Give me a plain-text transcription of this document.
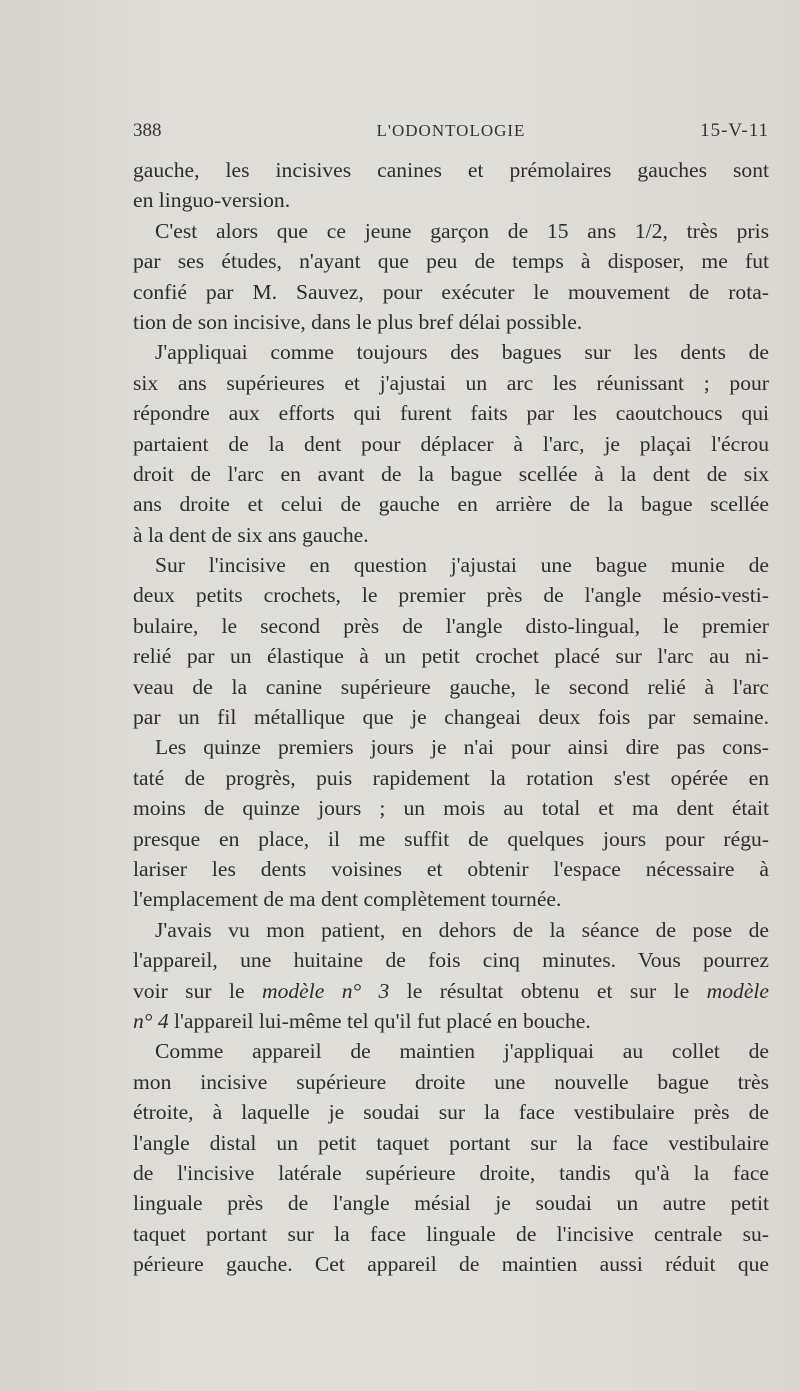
388	L'ODONTOLOGIE	15-V-11
gauche, les incisives canines et prémolaires gauches sont
en linguo-version.
C'est alors que ce jeune garçon de 15 ans 1/2, très pris
par ses études, n'ayant que peu de temps à disposer, me fut
confié par M. Sauvez, pour exécuter le mouvement de rota-
tion de son incisive, dans le plus bref délai possible.
J'appliquai comme toujours des bagues sur les dents de
six ans supérieures et j'ajustai un arc les réunissant ; pour
répondre aux efforts qui furent faits par les caoutchoucs qui
partaient de la dent pour déplacer à l'arc, je plaçai l'écrou
droit de l'arc en avant de la bague scellée à la dent de six
ans droite et celui de gauche en arrière de la bague scellée
à la dent de six ans gauche.
Sur l'incisive en question j'ajustai une bague munie de
deux petits crochets, le premier près de l'angle mésio-vesti-
bulaire, le second près de l'angle disto-lingual, le premier
relié par un élastique à un petit crochet placé sur l'arc au ni-
veau de la canine supérieure gauche, le second relié à l'arc
par un fil métallique que je changeai deux fois par semaine.
Les quinze premiers jours je n'ai pour ainsi dire pas cons-
taté de progrès, puis rapidement la rotation s'est opérée en
moins de quinze jours ; un mois au total et ma dent était
presque en place, il me suffit de quelques jours pour régu-
lariser les dents voisines et obtenir l'espace nécessaire à
l'emplacement de ma dent complètement tournée.
J'avais vu mon patient, en dehors de la séance de pose de
l'appareil, une huitaine de fois cinq minutes. Vous pourrez
voir sur le modèle n° 3 le résultat obtenu et sur le modèle
n° 4 l'appareil lui-même tel qu'il fut placé en bouche.
Comme appareil de maintien j'appliquai au collet de
mon incisive supérieure droite une nouvelle bague très
étroite, à laquelle je soudai sur la face vestibulaire près de
l'angle distal un petit taquet portant sur la face vestibulaire
de l'incisive latérale supérieure droite, tandis qu'à la face
linguale près de l'angle mésial je soudai un autre petit
taquet portant sur la face linguale de l'incisive centrale su-
périeure gauche. Cet appareil de maintien aussi réduit que
